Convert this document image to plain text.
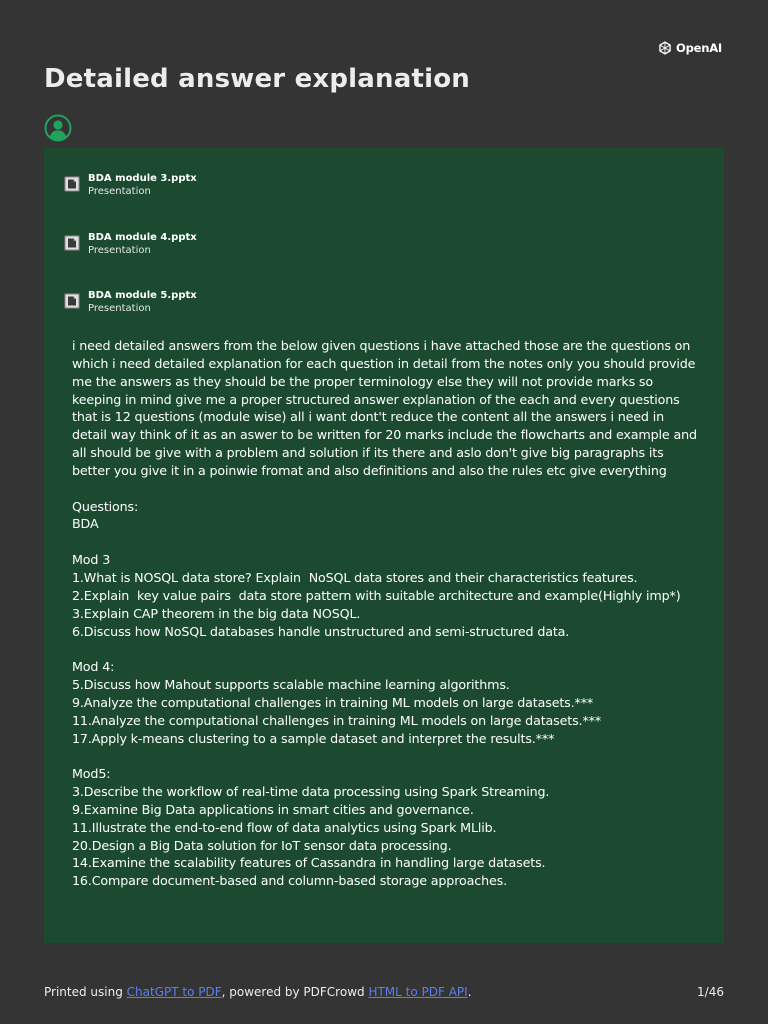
OpenAI
Detailed answer explanation
BDA module 3.pptx
Presentation
BDA module 4.pptx
Presentation
BDA module 5.pptx
Presentation
i need detailed answers from the below given questions i have attached those are the questions on which i need detailed explanation for each question in detail from the notes only you should provide me the answers as they should be the proper terminology else they will not provide marks so keeping in mind give me a proper structured answer explanation of the each and every questions that is 12 questions (module wise) all i want dont't reduce the content all the answers i need in detail way think of it as an aswer to be written for 20 marks include the flowcharts and example and all should be give with a problem and solution if its there and aslo don't give big paragraphs its better you give it in a poinwie fromat and also definitions and also the rules etc give everything

Questions:
BDA

Mod 3
1.What is NOSQL data store? Explain  NoSQL data stores and their characteristics features.
2.Explain  key value pairs  data store pattern with suitable architecture and example(Highly imp*)
3.Explain CAP theorem in the big data NOSQL.
6.Discuss how NoSQL databases handle unstructured and semi-structured data.

Mod 4:
5.Discuss how Mahout supports scalable machine learning algorithms.
9.Analyze the computational challenges in training ML models on large datasets.***
11.Analyze the computational challenges in training ML models on large datasets.***
17.Apply k-means clustering to a sample dataset and interpret the results.***

Mod5:
3.Describe the workflow of real-time data processing using Spark Streaming.
9.Examine Big Data applications in smart cities and governance.
11.Illustrate the end-to-end flow of data analytics using Spark MLlib.
20.Design a Big Data solution for IoT sensor data processing.
14.Examine the scalability features of Cassandra in handling large datasets.
16.Compare document-based and column-based storage approaches.
Printed using ChatGPT to PDF, powered by PDFCrowd HTML to PDF API.	1/46
